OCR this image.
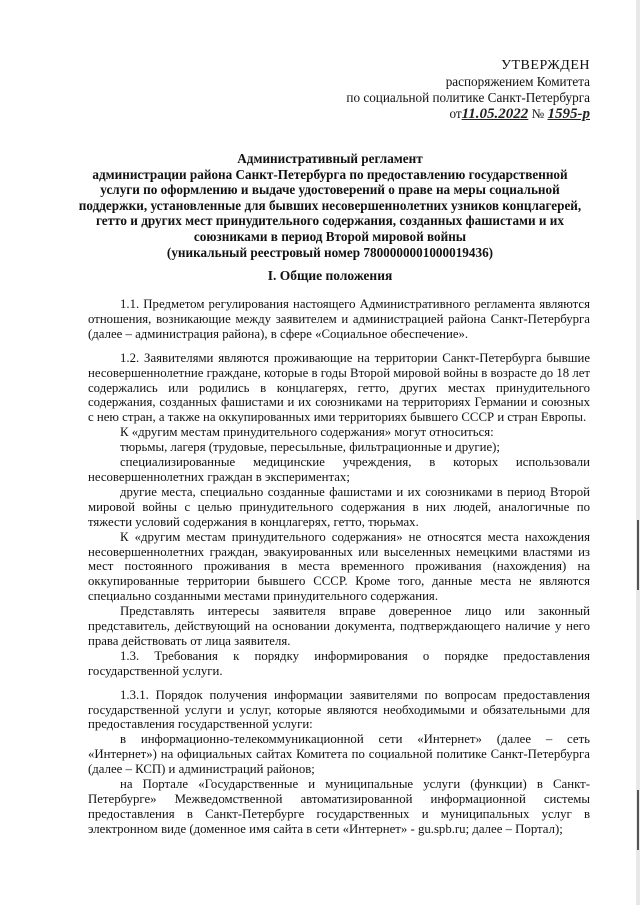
УТВЕРЖДЕН
распоряжением Комитета
по социальной политике Санкт-Петербурга
от11.05.2022 № 1595-р
Административный регламент
администрации района Санкт-Петербурга по предоставлению государственной
услуги по оформлению и выдаче удостоверений о праве на меры социальной
поддержки, установленные для бывших несовершеннолетних узников концлагерей,
гетто и других мест принудительного содержания, созданных фашистами и их
союзниками в период Второй мировой войны
(уникальный реестровый номер 7800000001000019436)
I. Общие положения

1.1. Предметом регулирования настоящего Административного регламента являются отношения, возникающие между заявителем и администрацией района Санкт-Петербурга (далее – администрация района), в сфере «Социальное обеспечение».

1.2. Заявителями являются проживающие на территории Санкт-Петербурга бывшие несовершеннолетние граждане, которые в годы Второй мировой войны в возрасте до 18 лет содержались или родились в концлагерях, гетто, других местах принудительного содержания, созданных фашистами и их союзниками на территориях Германии и союзных с нею стран, а также на оккупированных ими территориях бывшего СССР и стран Европы.

К «другим местам принудительного содержания» могут относиться:

тюрьмы, лагеря (трудовые, пересыльные, фильтрационные и другие);

специализированные медицинские учреждения, в которых использовали несовершеннолетних граждан в экспериментах;

другие места, специально созданные фашистами и их союзниками в период Второй мировой войны с целью принудительного содержания в них людей, аналогичные по тяжести условий содержания в концлагерях, гетто, тюрьмах.

К «другим местам принудительного содержания» не относятся места нахождения несовершеннолетних граждан, эвакуированных или выселенных немецкими властями из мест постоянного проживания в места временного проживания (нахождения) на оккупированные территории бывшего СССР. Кроме того, данные места не являются специально созданными местами принудительного содержания.

Представлять интересы заявителя вправе доверенное лицо или законный представитель, действующий на основании документа, подтверждающего наличие у него права действовать от лица заявителя.

1.3. Требования к порядку информирования о порядке предоставления государственной услуги.

1.3.1. Порядок получения информации заявителями по вопросам предоставления государственной услуги и услуг, которые являются необходимыми и обязательными для предоставления государственной услуги:

в информационно-телекоммуникационной сети «Интернет» (далее – сеть «Интернет») на официальных сайтах Комитета по социальной политике Санкт-Петербурга (далее – КСП) и администраций районов;

на Портале «Государственные и муниципальные услуги (функции) в Санкт-Петербурге» Межведомственной автоматизированной информационной системы предоставления в Санкт-Петербурге государственных и муниципальных услуг в электронном виде (доменное имя сайта в сети «Интернет» - gu.spb.ru; далее – Портал);
